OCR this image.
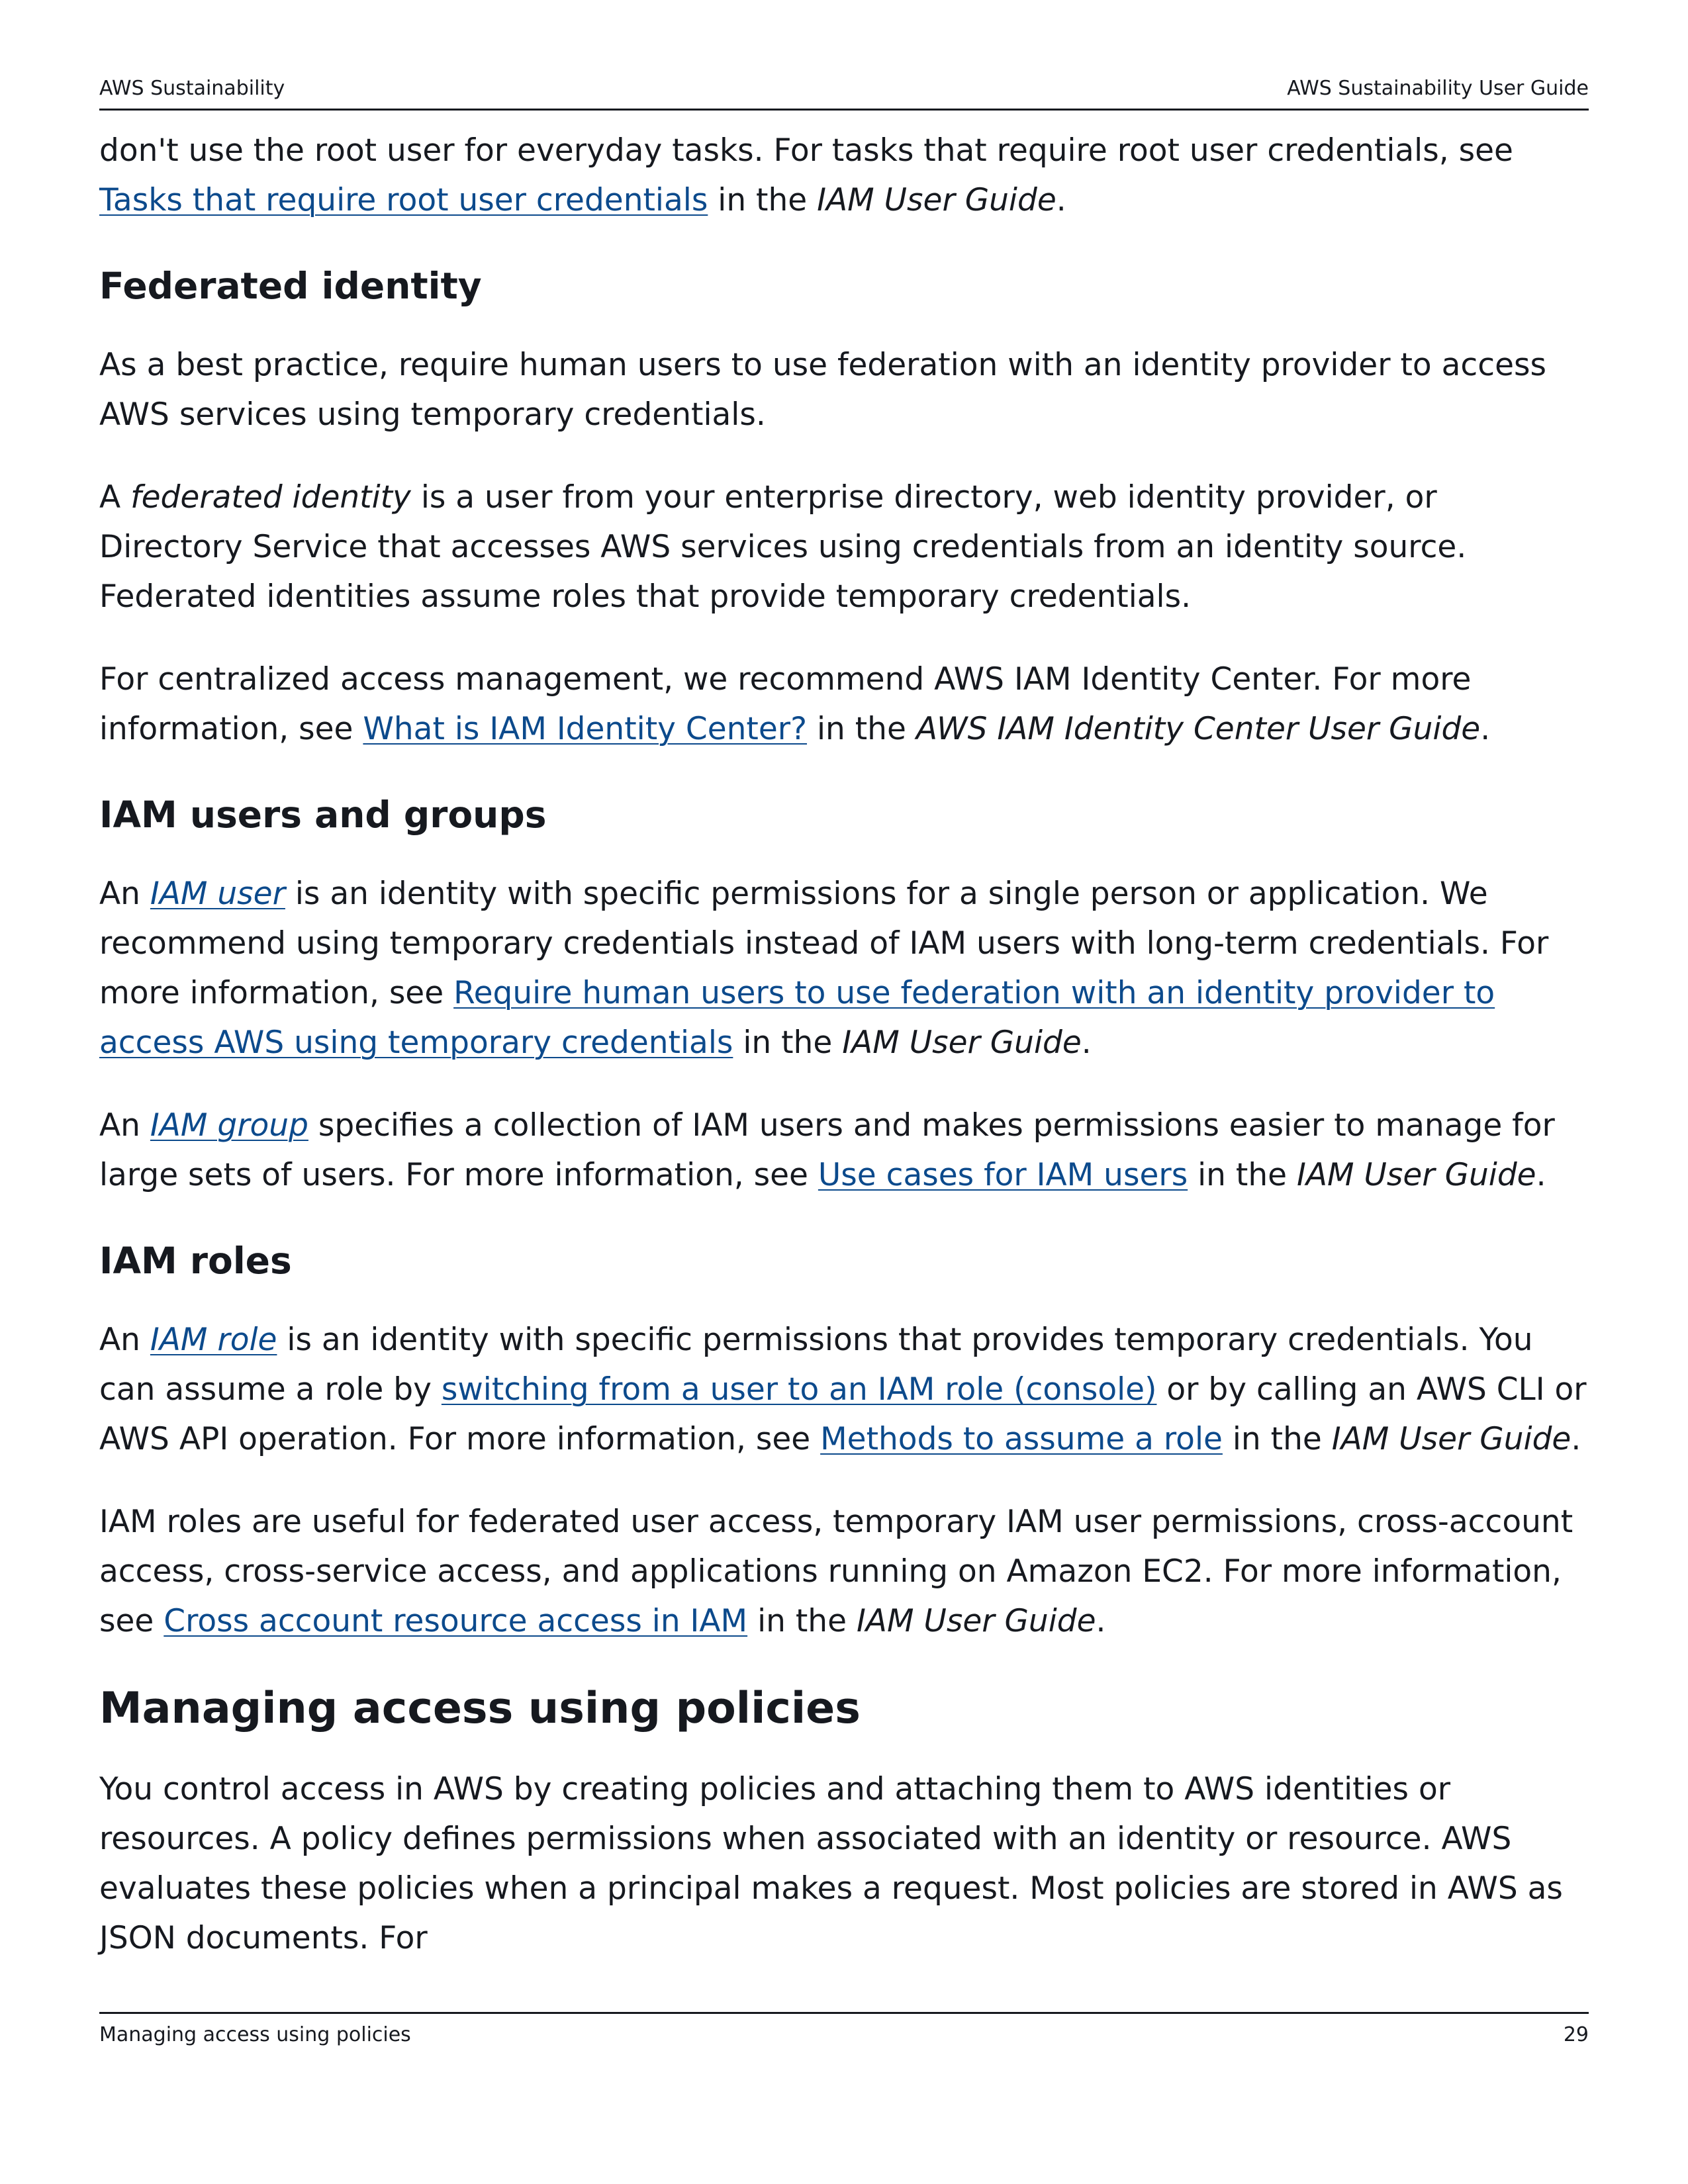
AWS Sustainability	AWS Sustainability User Guide

don't use the root user for everyday tasks. For tasks that require root user credentials, see Tasks that require root user credentials in the IAM User Guide.

Federated identity

As a best practice, require human users to use federation with an identity provider to access AWS services using temporary credentials.

A federated identity is a user from your enterprise directory, web identity provider, or Directory Service that accesses AWS services using credentials from an identity source. Federated identities assume roles that provide temporary credentials.

For centralized access management, we recommend AWS IAM Identity Center. For more information, see What is IAM Identity Center? in the AWS IAM Identity Center User Guide.

IAM users and groups

An IAM user is an identity with specific permissions for a single person or application. We recommend using temporary credentials instead of IAM users with long-term credentials. For more information, see Require human users to use federation with an identity provider to access AWS using temporary credentials in the IAM User Guide.

An IAM group specifies a collection of IAM users and makes permissions easier to manage for large sets of users. For more information, see Use cases for IAM users in the IAM User Guide.

IAM roles

An IAM role is an identity with specific permissions that provides temporary credentials. You can assume a role by switching from a user to an IAM role (console) or by calling an AWS CLI or AWS API operation. For more information, see Methods to assume a role in the IAM User Guide.

IAM roles are useful for federated user access, temporary IAM user permissions, cross-account access, cross-service access, and applications running on Amazon EC2. For more information, see Cross account resource access in IAM in the IAM User Guide.

Managing access using policies

You control access in AWS by creating policies and attaching them to AWS identities or resources. A policy defines permissions when associated with an identity or resource. AWS evaluates these policies when a principal makes a request. Most policies are stored in AWS as JSON documents. For

Managing access using policies	29
